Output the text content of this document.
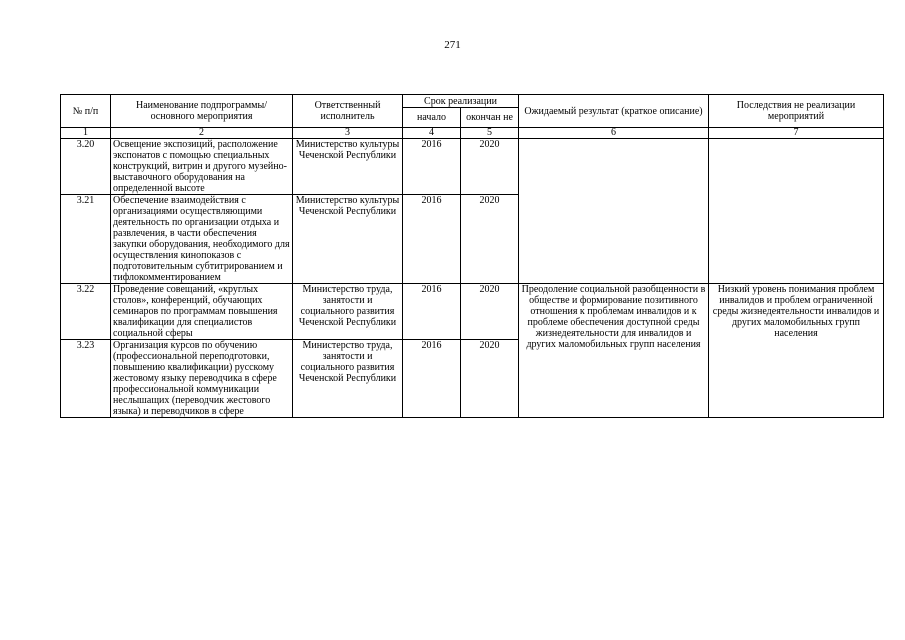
271
№ п/п	Наименование подпрограммы/ основного мероприятия	Ответственный исполнитель	Срок реализации		Ожидаемый результат (краткое описание)	Последствия не реализации мероприятий
			начало	окончан не		
1	2	3	4	5	6	7
3.20	Освещение экспозиций, расположение экспонатов с помощью специальных конструкций, витрин и другого музейно-выставочного оборудования на определенной высоте	Министерство культуры Чеченской Республики	2016	2020		
3.21	Обеспечение взаимодействия с организациями осуществляющими деятельность по организации отдыха и развлечения, в части обеспечения закупки оборудования, необходимого для осуществления кинопоказов с подготовительным субтитрированием и тифлокомментированием	Министерство культуры Чеченской Республики	2016	2020		
3.22	Проведение совещаний, «круглых столов», конференций, обучающих семинаров по программам повышения квалификации для специалистов социальной сферы	Министерство труда, занятости и социального развития Чеченской Республики	2016	2020	Преодоление социальной разобщенности в обществе и формирование позитивного отношения к проблемам инвалидов и к проблеме обеспечения доступной среды жизнедеятельности для инвалидов и других маломобильных групп населения	Низкий уровень понимания проблем инвалидов и проблем ограниченной среды жизнедеятельности инвалидов и других маломобильных групп населения
3.23	Организация курсов по обучению (профессиональной переподготовки, повышению квалификации) русскому жестовому языку переводчика в сфере профессиональной коммуникации неслышащих (переводчик жестового языка) и переводчиков в сфере	Министерство труда, занятости и социального развития Чеченской Республики	2016	2020		
